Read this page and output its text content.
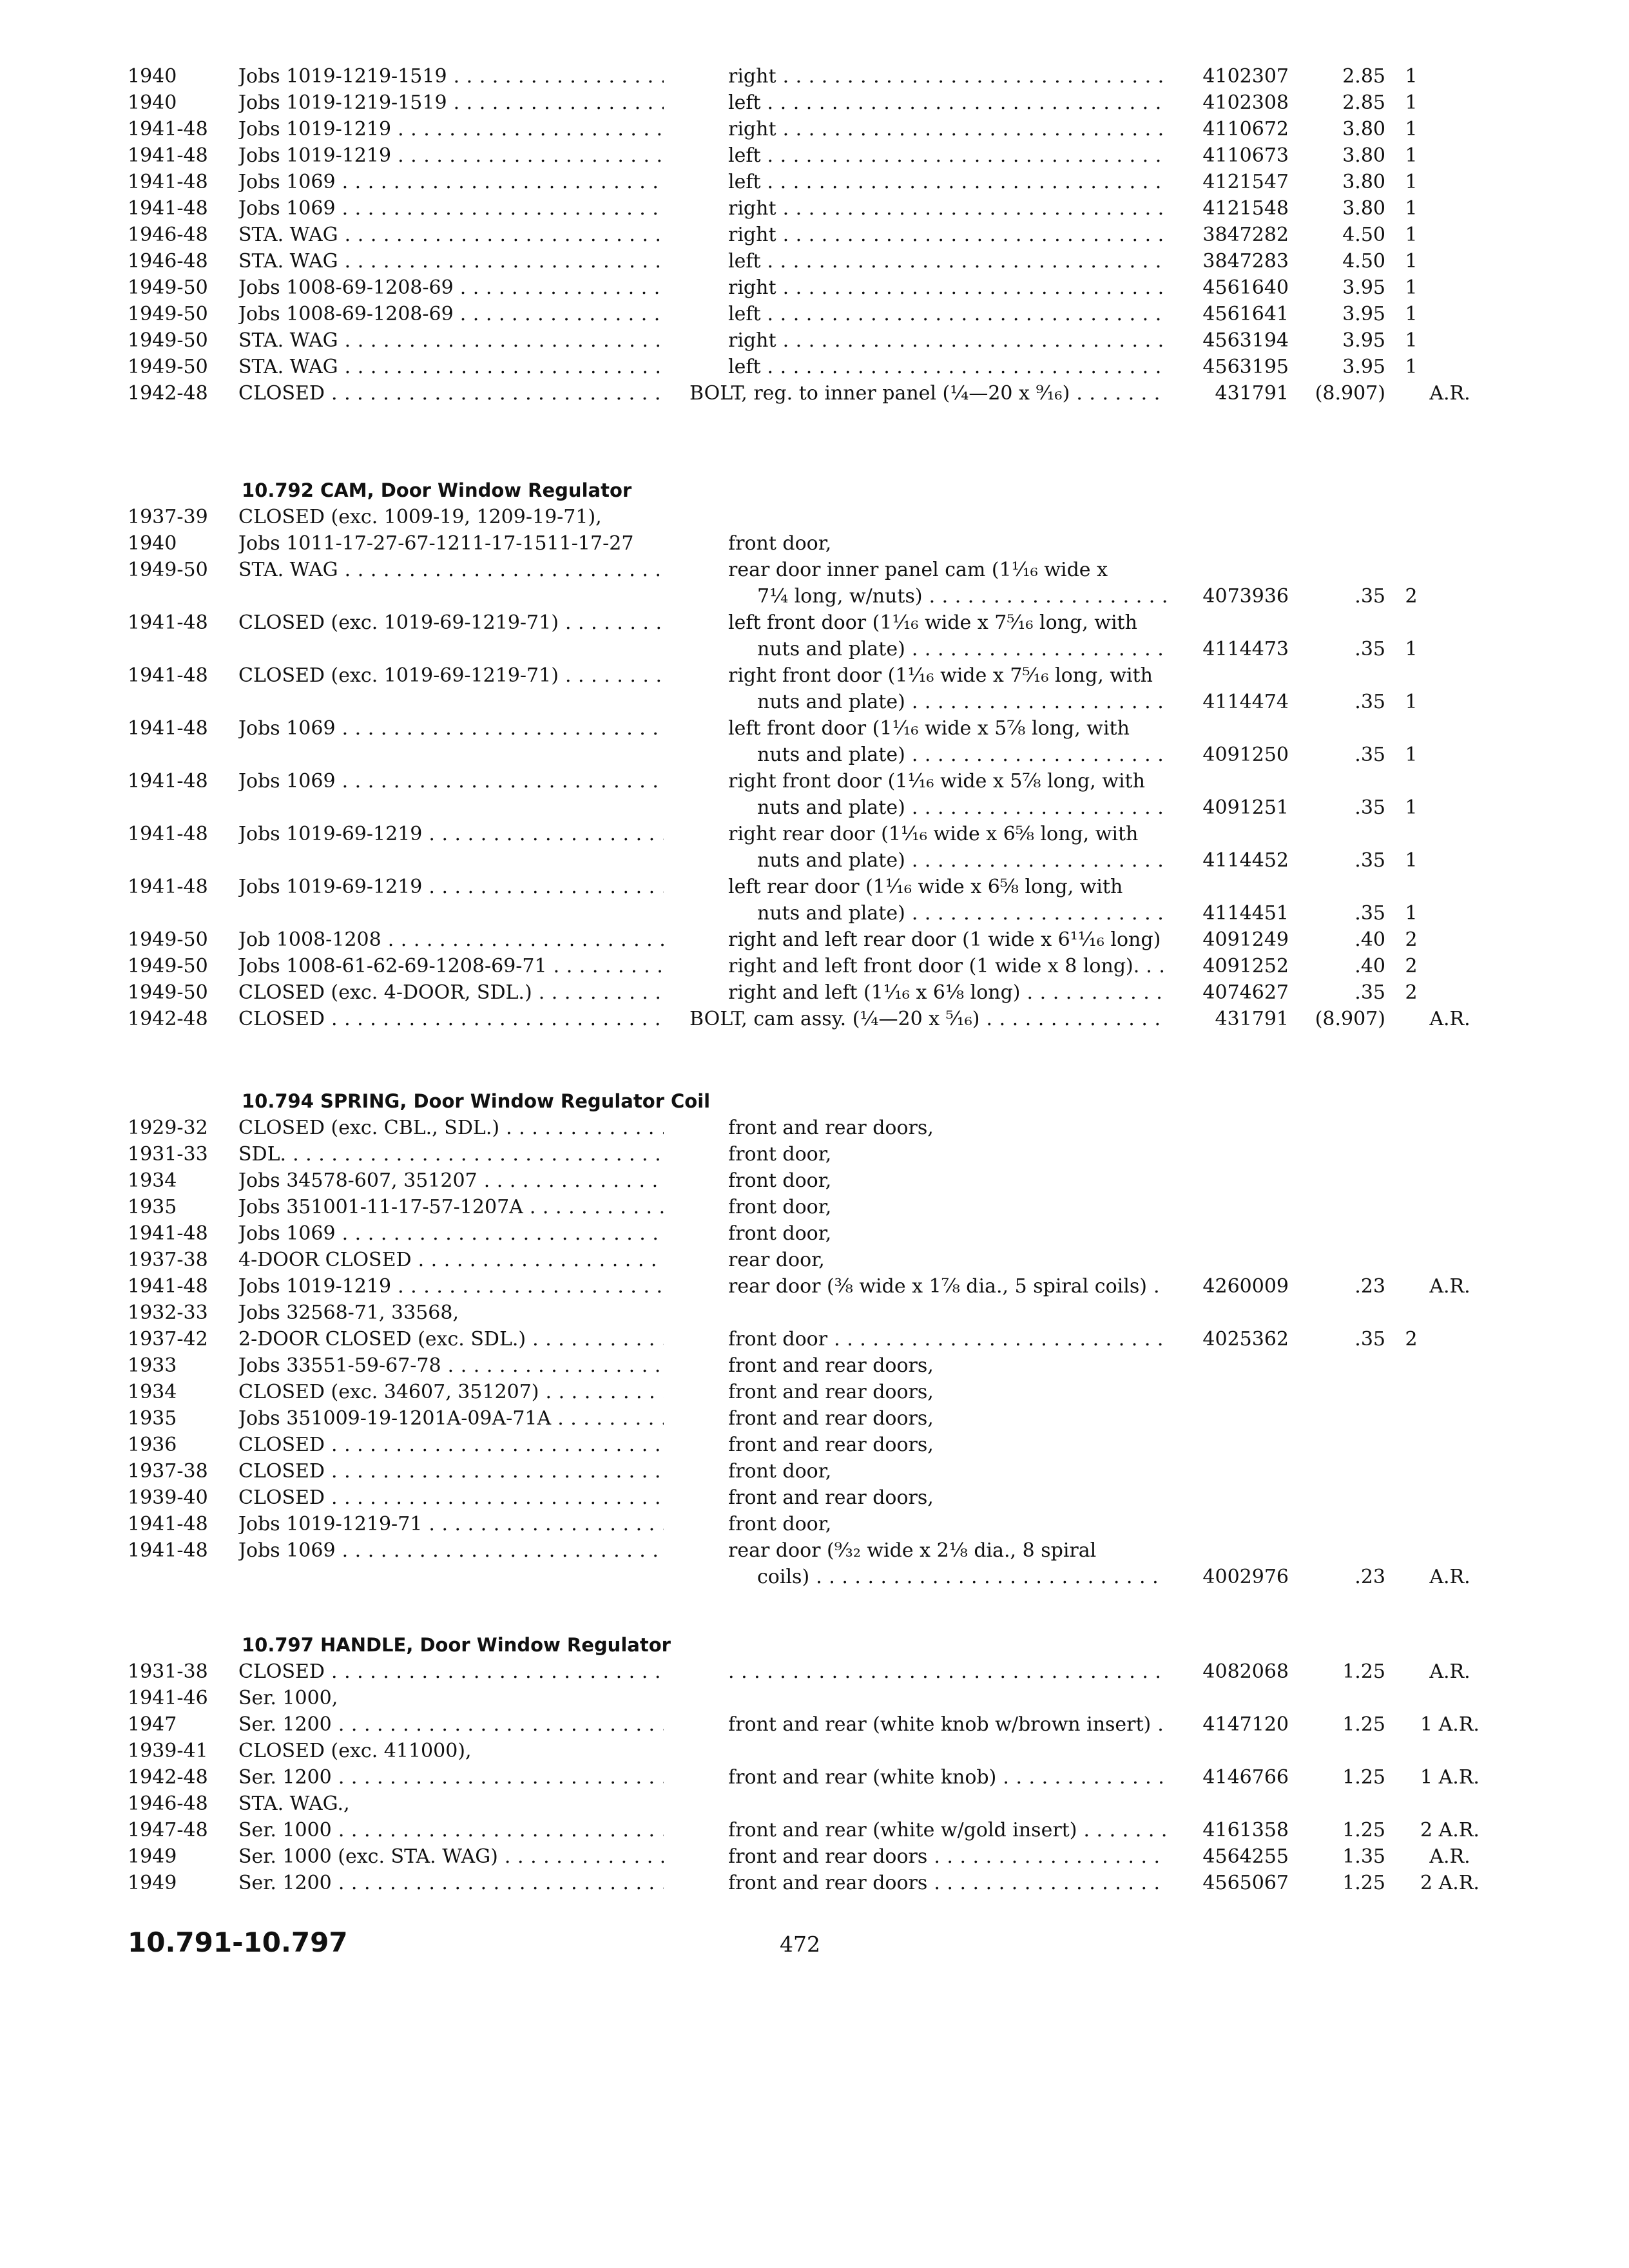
1940	Jobs 1019-1219-1519 . . .	right . . .	4102307	2.85	1
1940	Jobs 1019-1219-1519 . . .	left . . .	4102308	2.85	1
1941-48	Jobs 1019-1219 . . .	right . . .	4110672	3.80	1
1941-48	Jobs 1019-1219 . . .	left . . .	4110673	3.80	1
1941-48	Jobs 1069 . . .	left . . .	4121547	3.80	1
1941-48	Jobs 1069 . . .	right . . .	4121548	3.80	1
1946-48	STA. WAG . . .	right . . .	3847282	4.50	1
1946-48	STA. WAG . . .	left . . .	3847283	4.50	1
1949-50	Jobs 1008-69-1208-69 . . .	right . . .	4561640	3.95	1
1949-50	Jobs 1008-69-1208-69 . . .	left . . .	4561641	3.95	1
1949-50	STA. WAG . . .	right . . .	4563194	3.95	1
1949-50	STA. WAG . . .	left . . .	4563195	3.95	1
1942-48	CLOSED . . .	BOLT, reg. to inner panel (¼—20 x ⁹⁄₁₆) . . .	431791	(8.907)	A.R.
10.792 CAM, Door Window Regulator
1937-39	CLOSED (exc. 1009-19, 1209-19-71),
1940	Jobs 1011-17-27-67-1211-17-1511-17-27	front door,
1949-50	STA. WAG . . .	rear door inner panel cam (1¹⁄₁₆ wide x
7¼ long, w/nuts) . . .	4073936	.35	2
1941-48	CLOSED (exc. 1019-69-1219-71) . . .	left front door (1¹⁄₁₆ wide x 7⁵⁄₁₆ long, with
nuts and plate) . . .	4114473	.35	1
1941-48	CLOSED (exc. 1019-69-1219-71) . . .	right front door (1¹⁄₁₆ wide x 7⁵⁄₁₆ long, with
nuts and plate) . . .	4114474	.35	1
1941-48	Jobs 1069 . . .	left front door (1¹⁄₁₆ wide x 5⅞ long, with
nuts and plate) . . .	4091250	.35	1
1941-48	Jobs 1069 . . .	right front door (1¹⁄₁₆ wide x 5⅞ long, with
nuts and plate) . . .	4091251	.35	1
1941-48	Jobs 1019-69-1219 . . .	right rear door (1¹⁄₁₆ wide x 6⅝ long, with
nuts and plate) . . .	4114452	.35	1
1941-48	Jobs 1019-69-1219 . . .	left rear door (1¹⁄₁₆ wide x 6⅝ long, with
nuts and plate) . . .	4114451	.35	1
1949-50	Job 1008-1208 . . .	right and left rear door (1 wide x 6¹¹⁄₁₆ long) . . .	4091249	.40	2
1949-50	Jobs 1008-61-62-69-1208-69-71 . . .	right and left front door (1 wide x 8 long). . . .	4091252	.40	2
1949-50	CLOSED (exc. 4-DOOR, SDL.) . . .	right and left (1¹⁄₁₆ x 6⅛ long) . . .	4074627	.35	2
1942-48	CLOSED . . .	BOLT, cam assy. (¼—20 x ⁵⁄₁₆) . . .	431791	(8.907)	A.R.
10.794 SPRING, Door Window Regulator Coil
1929-32	CLOSED (exc. CBL., SDL.) . . .	front and rear doors,
1931-33	SDL. . . .	front door,
1934	Jobs 34578-607, 351207 . . .	front door,
1935	Jobs 351001-11-17-57-1207A . . .	front door,
1941-48	Jobs 1069 . . .	front door,
1937-38	4-DOOR CLOSED . . .	rear door,
1941-48	Jobs 1019-1219 . . .	rear door (⅜ wide x 1⅞ dia., 5 spiral coils) . . .	4260009	.23	A.R.
1932-33	Jobs 32568-71, 33568,
1937-42	2-DOOR CLOSED (exc. SDL.) . . .	front door . . .	4025362	.35	2
1933	Jobs 33551-59-67-78 . . .	front and rear doors,
1934	CLOSED (exc. 34607, 351207) . . .	front and rear doors,
1935	Jobs 351009-19-1201A-09A-71A . . .	front and rear doors,
1936	CLOSED . . .	front and rear doors,
1937-38	CLOSED . . .	front door,
1939-40	CLOSED . . .	front and rear doors,
1941-48	Jobs 1019-1219-71 . . .	front door,
1941-48	Jobs 1069 . . .	rear door (⁹⁄₃₂ wide x 2⅛ dia., 8 spiral
coils) . . .	4002976	.23	A.R.
10.797 HANDLE, Door Window Regulator
1931-38	CLOSED . . .
. . .	4082068	1.25	A.R.
1941-46	Ser. 1000,
1947	Ser. 1200 . . .	front and rear (white knob w/brown insert) . . .	4147120	1.25	1 A.R.
1939-41	CLOSED (exc. 411000),
1942-48	Ser. 1200 . . .	front and rear (white knob) . . .	4146766	1.25	1 A.R.
1946-48	STA. WAG.,
1947-48	Ser. 1000 . . .	front and rear (white w/gold insert) . . .	4161358	1.25	2 A.R.
1949	Ser. 1000 (exc. STA. WAG) . . .	front and rear doors . . .	4564255	1.35	A.R.
1949	Ser. 1200 . . .	front and rear doors . . .	4565067	1.25	2 A.R.
10.791-10.797	472
